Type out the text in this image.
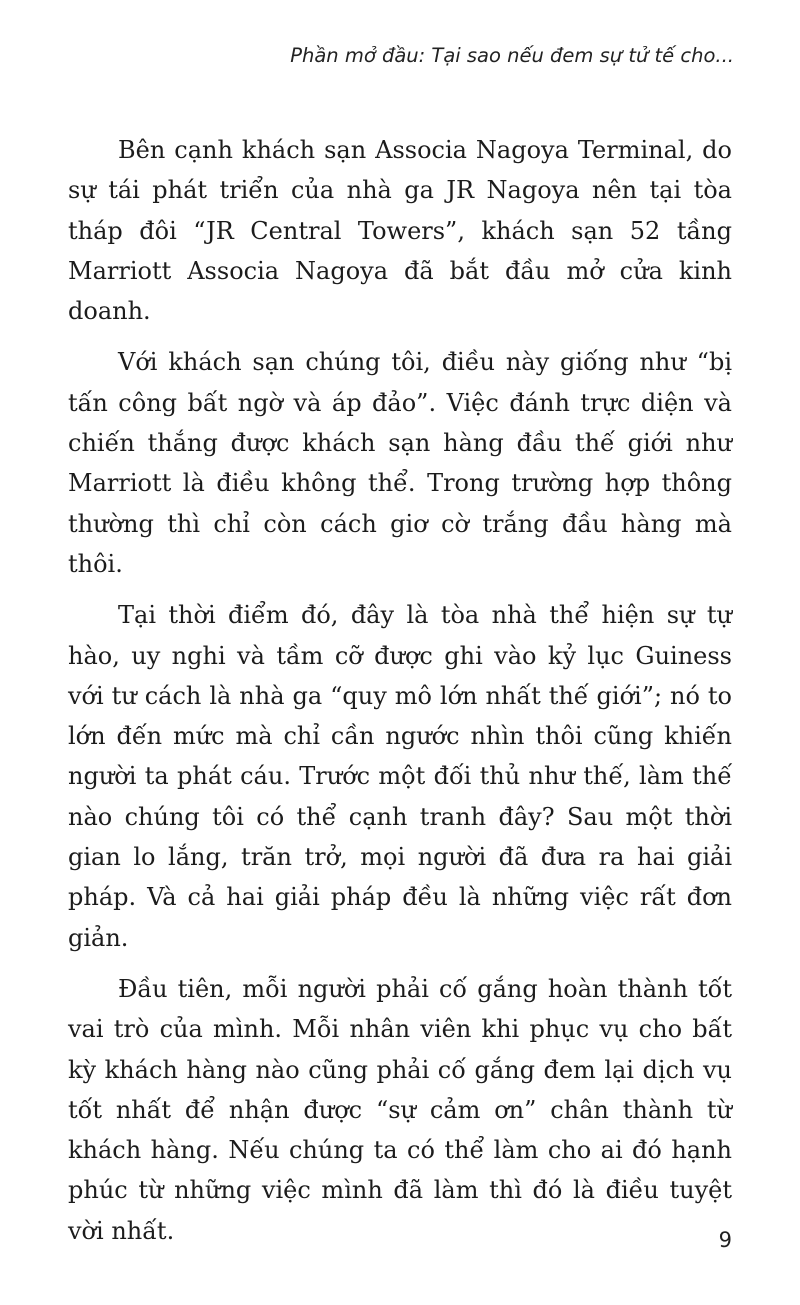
Phần mở đầu: Tại sao nếu đem sự tử tế cho...

Bên cạnh khách sạn Associa Nagoya Terminal, do sự tái phát triển của nhà ga JR Nagoya nên tại tòa tháp đôi “JR Central Towers”, khách sạn 52 tầng Marriott Associa Nagoya đã bắt đầu mở cửa kinh doanh.

Với khách sạn chúng tôi, điều này giống như “bị tấn công bất ngờ và áp đảo”. Việc đánh trực diện và chiến thắng được khách sạn hàng đầu thế giới như Marriott là điều không thể. Trong trường hợp thông thường thì chỉ còn cách giơ cờ trắng đầu hàng mà thôi.

Tại thời điểm đó, đây là tòa nhà thể hiện sự tự hào, uy nghi và tầm cỡ được ghi vào kỷ lục Guiness với tư cách là nhà ga “quy mô lớn nhất thế giới”; nó to lớn đến mức mà chỉ cần ngước nhìn thôi cũng khiến người ta phát cáu. Trước một đối thủ như thế, làm thế nào chúng tôi có thể cạnh tranh đây? Sau một thời gian lo lắng, trăn trở, mọi người đã đưa ra hai giải pháp. Và cả hai giải pháp đều là những việc rất đơn giản.

Đầu tiên, mỗi người phải cố gắng hoàn thành tốt vai trò của mình. Mỗi nhân viên khi phục vụ cho bất kỳ khách hàng nào cũng phải cố gắng đem lại dịch vụ tốt nhất để nhận được “sự cảm ơn” chân thành từ khách hàng. Nếu chúng ta có thể làm cho ai đó hạnh phúc từ những việc mình đã làm thì đó là điều tuyệt vời nhất.	9
